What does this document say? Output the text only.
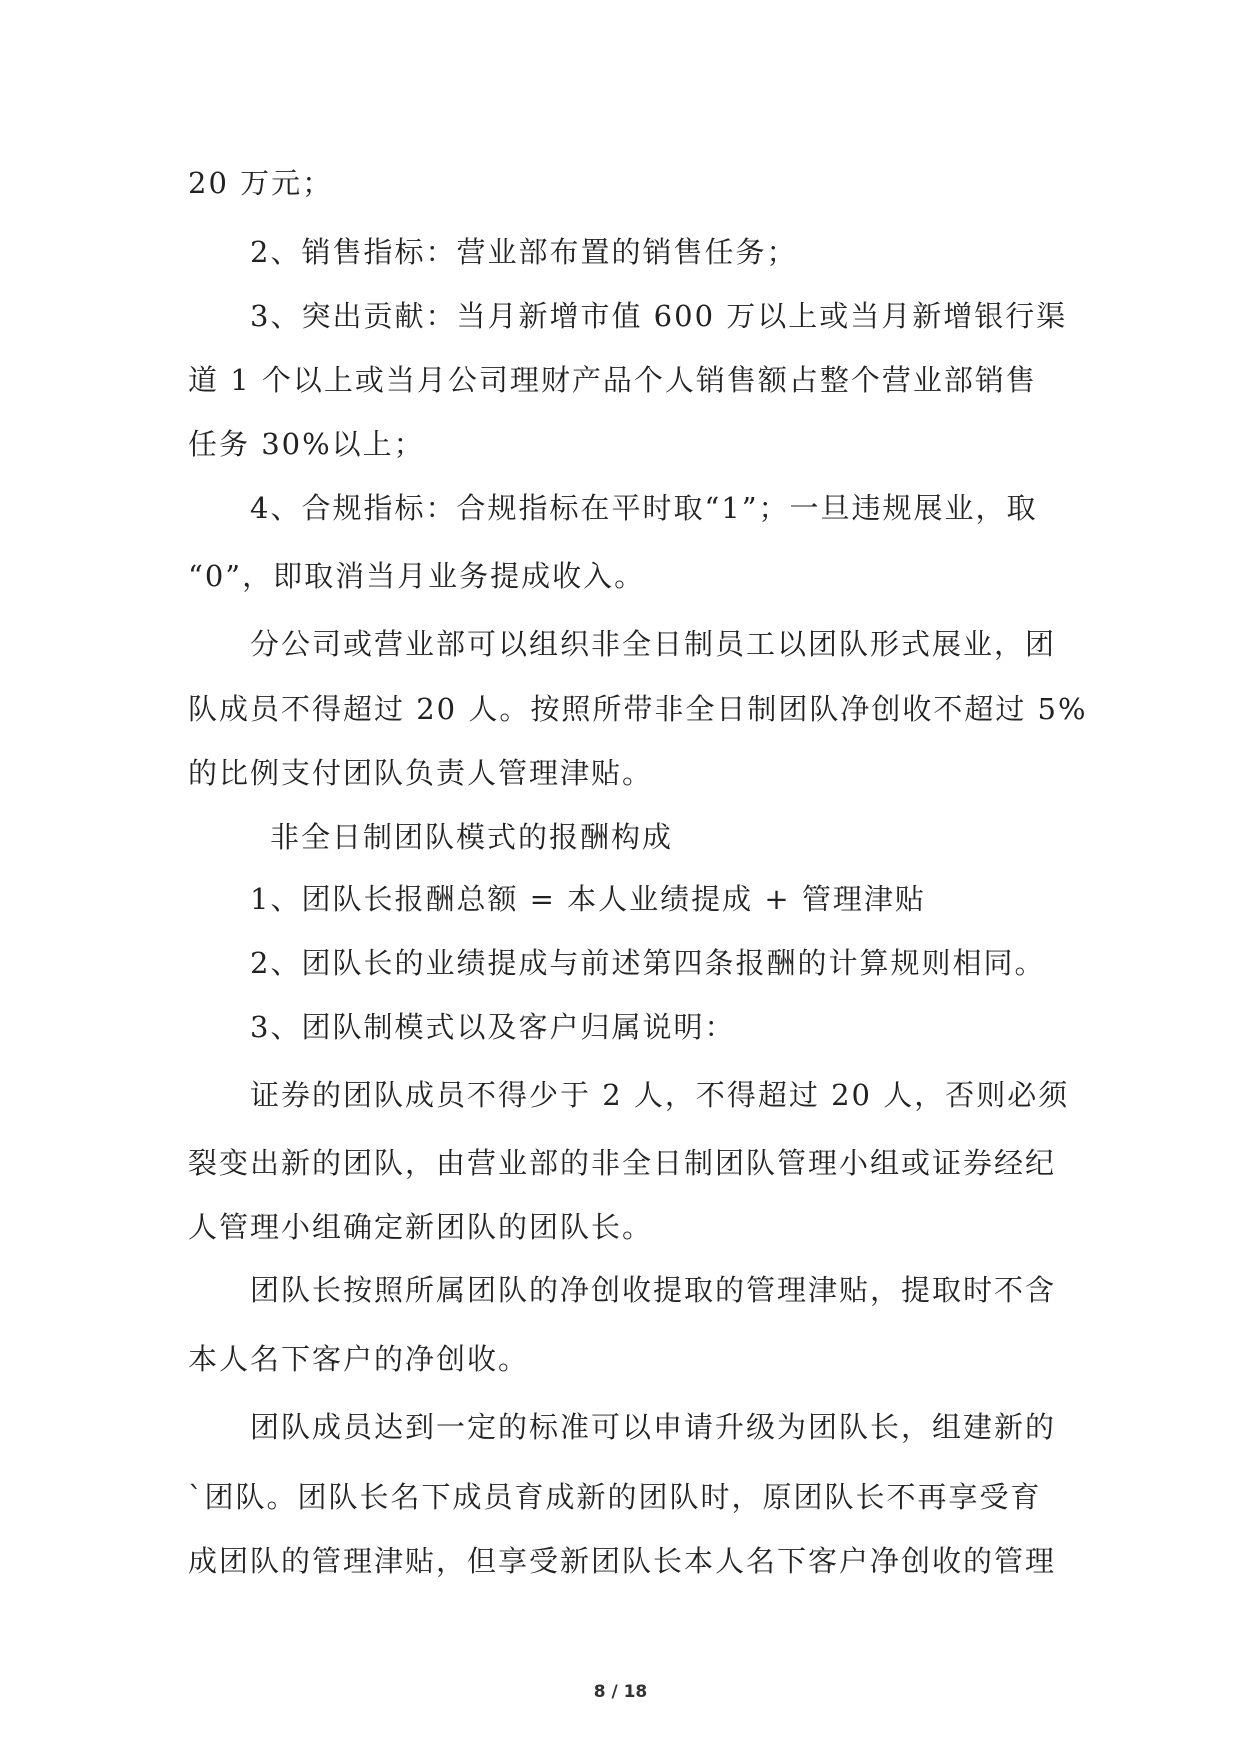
20 万元；
2、销售指标：营业部布置的销售任务；
3、突出贡献：当月新增市值 600 万以上或当月新增银行渠
道 1 个以上或当月公司理财产品个人销售额占整个营业部销售
任务 30%以上；
4、合规指标：合规指标在平时取“1”；一旦违规展业，取
“0”，即取消当月业务提成收入。
分公司或营业部可以组织非全日制员工以团队形式展业，团
队成员不得超过 20 人。按照所带非全日制团队净创收不超过 5%
的比例支付团队负责人管理津贴。
非全日制团队模式的报酬构成
1、团队长报酬总额 = 本人业绩提成 + 管理津贴
2、团队长的业绩提成与前述第四条报酬的计算规则相同。
3、团队制模式以及客户归属说明：
证券的团队成员不得少于 2 人，不得超过 20 人，否则必须
裂变出新的团队，由营业部的非全日制团队管理小组或证券经纪
人管理小组确定新团队的团队长。
团队长按照所属团队的净创收提取的管理津贴，提取时不含
本人名下客户的净创收。
团队成员达到一定的标准可以申请升级为团队长，组建新的
`团队。团队长名下成员育成新的团队时，原团队长不再享受育
成团队的管理津贴，但享受新团队长本人名下客户净创收的管理
8 / 18
